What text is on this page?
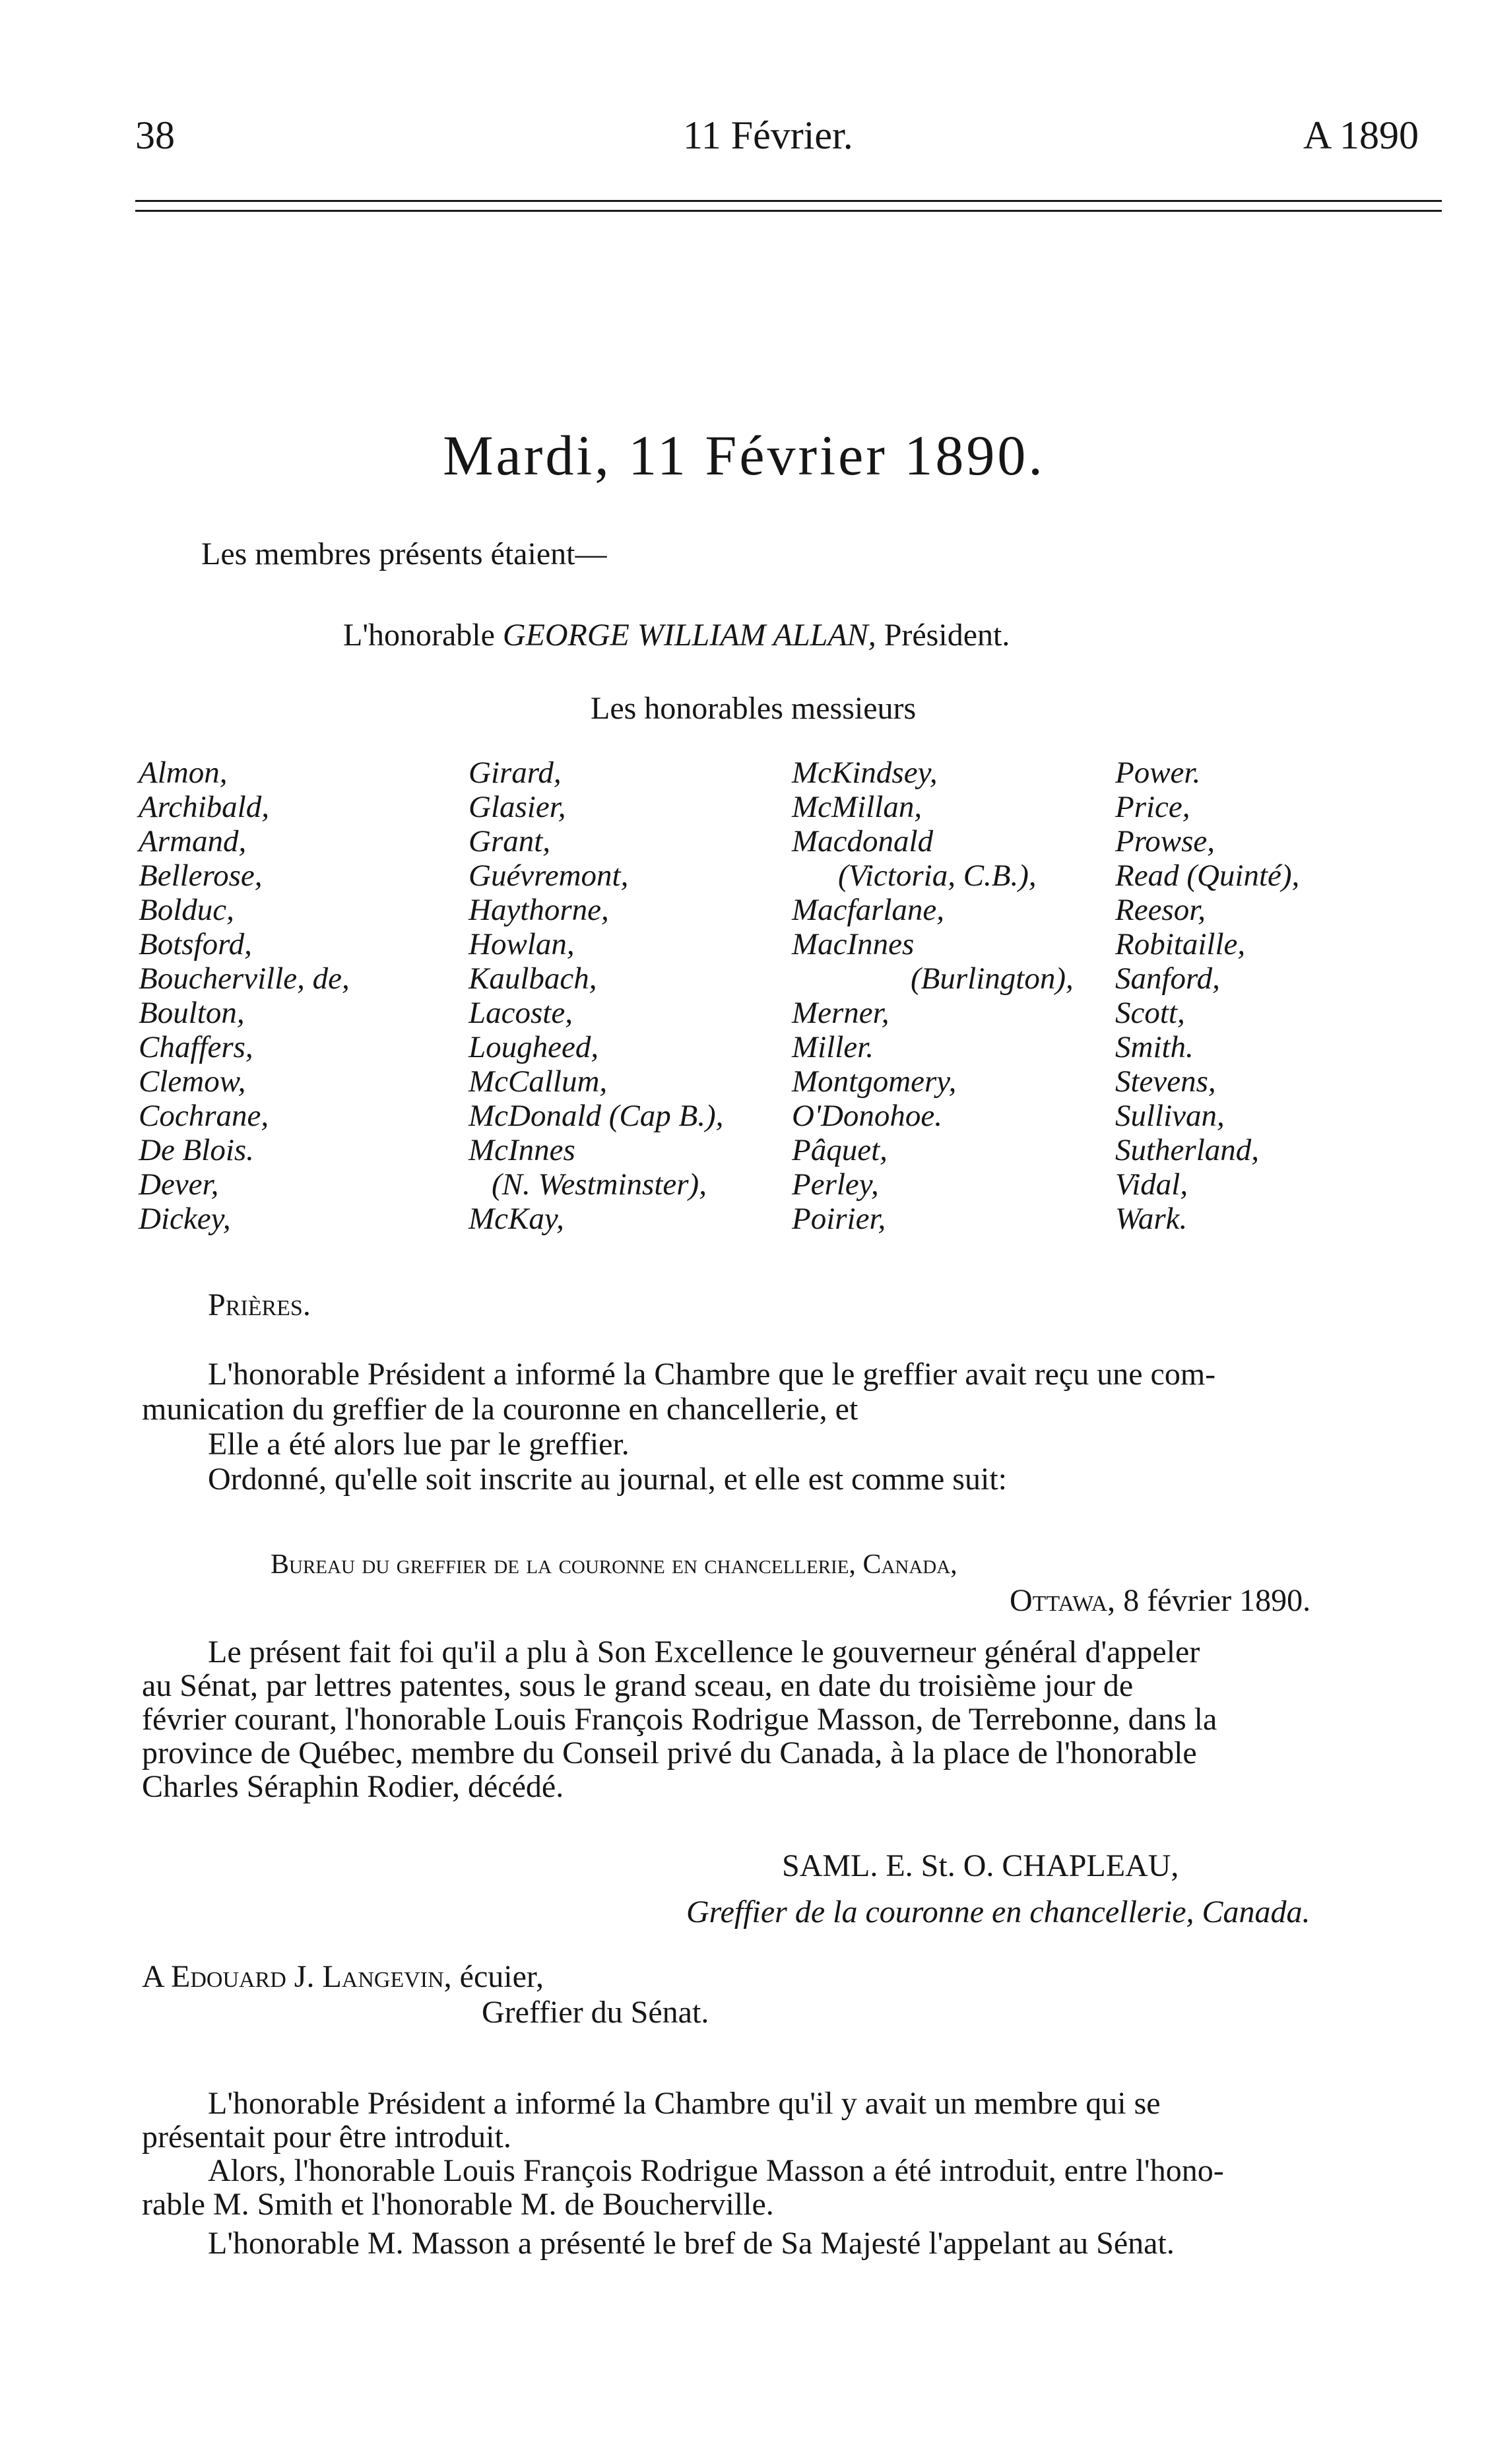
38	11 Février.	A 1890
Mardi, 11 Février 1890.
Les membres présents étaient—
L'honorable GEORGE WILLIAM ALLAN, Président.
Les honorables messieurs
Almon,
Archibald,
Armand,
Bellerose,
Bolduc,
Botsford,
Boucherville, de,
Boulton,
Chaffers,
Clemow,
Cochrane,
De Blois.
Dever,
Dickey,
Girard,
Glasier,
Grant,
Guévremont,
Haythorne,
Howlan,
Kaulbach,
Lacoste,
Lougheed,
McCallum,
McDonald (Cap B.),
McInnes
(N. Westminster),
McKay,
McKindsey,
McMillan,
Macdonald
(Victoria, C.B.),
Macfarlane,
MacInnes
(Burlington),
Merner,
Miller.
Montgomery,
O'Donohoe.
Pâquet,
Perley,
Poirier,
Power.
Price,
Prowse,
Read (Quinté),
Reesor,
Robitaille,
Sanford,
Scott,
Smith.
Stevens,
Sullivan,
Sutherland,
Vidal,
Wark.
Prières.
L'honorable Président a informé la Chambre que le greffier avait reçu une com-
munication du greffier de la couronne en chancellerie, et
Elle a été alors lue par le greffier.
Ordonné, qu'elle soit inscrite au journal, et elle est comme suit:
Bureau du greffier de la couronne en chancellerie, Canada,
Ottawa, 8 février 1890.
Le présent fait foi qu'il a plu à Son Excellence le gouverneur général d'appeler
au Sénat, par lettres patentes, sous le grand sceau, en date du troisième jour de
février courant, l'honorable Louis François Rodrigue Masson, de Terrebonne, dans la
province de Québec, membre du Conseil privé du Canada, à la place de l'honorable
Charles Séraphin Rodier, décédé.
SAML. E. St. O. CHAPLEAU,
Greffier de la couronne en chancellerie, Canada.
A Edouard J. Langevin, écuier,
Greffier du Sénat.
L'honorable Président a informé la Chambre qu'il y avait un membre qui se
présentait pour être introduit.
Alors, l'honorable Louis François Rodrigue Masson a été introduit, entre l'hono-
rable M. Smith et l'honorable M. de Boucherville.
L'honorable M. Masson a présenté le bref de Sa Majesté l'appelant au Sénat.
